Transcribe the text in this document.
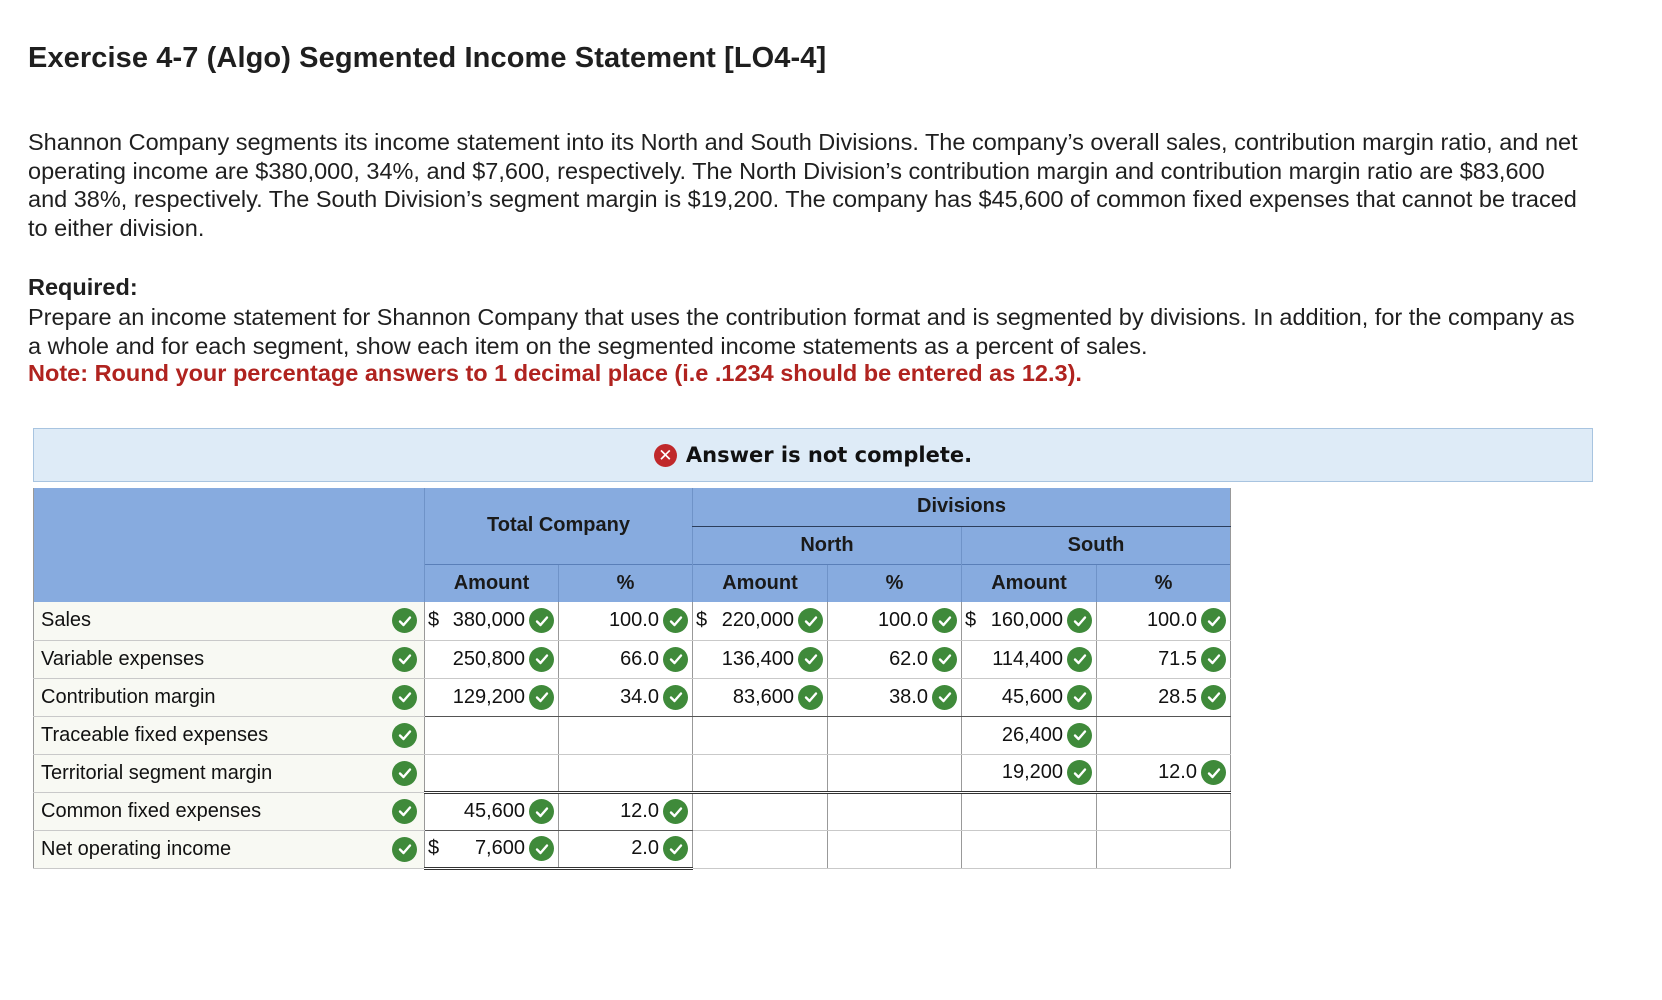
Exercise 4-7 (Algo) Segmented Income Statement [LO4-4]
Shannon Company segments its income statement into its North and South Divisions. The company’s overall sales, contribution margin ratio, and net operating income are $380,000, 34%, and $7,600, respectively. The North Division’s contribution margin and contribution margin ratio are $83,600 and 38%, respectively. The South Division’s segment margin is $19,200. The company has $45,600 of common fixed expenses that cannot be traced to either division.
Required:
Prepare an income statement for Shannon Company that uses the contribution format and is segmented by divisions. In addition, for the company as a whole and for each segment, show each item on the segmented income statements as a percent of sales.
Note: Round your percentage answers to 1 decimal place (i.e .1234 should be entered as 12.3).
✕ Answer is not complete.
	Total Company		Divisions			
			North		South	
	Amount	%	Amount	%	Amount	%
Sales	$ 380,000	100.0	$ 220,000	100.0	$ 160,000	100.0

Variable expenses	250,800	66.0	136,400	62.0	114,400	71.5

Contribution margin	129,200	34.0	83,600	38.0	45,600	28.5

Traceable fixed expenses					26,400	

Territorial segment margin					19,200	12.0

Common fixed expenses	45,600	12.0				

Net operating income	$ 7,600	2.0				
